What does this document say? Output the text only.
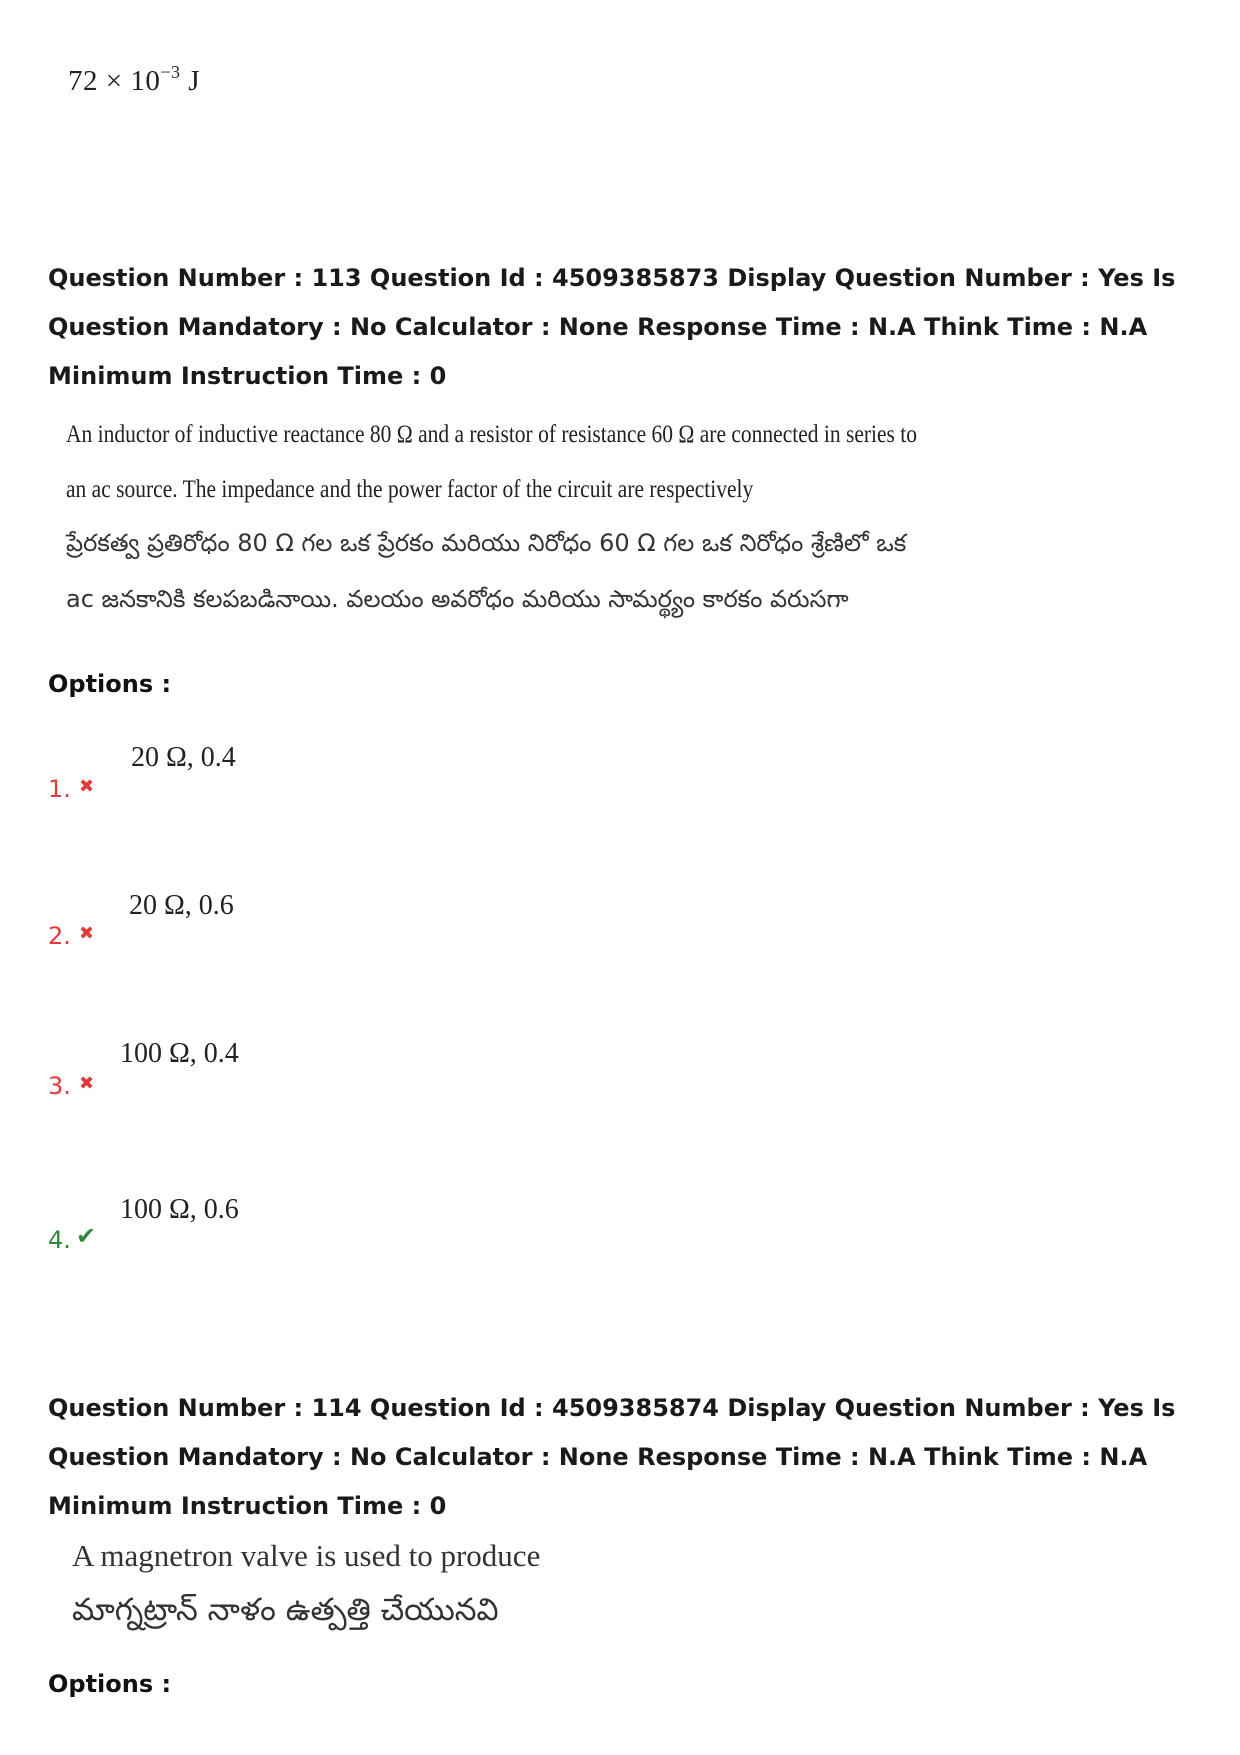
$72 \times 10^{-3}$ J
Question Number : 113 Question Id : 4509385873 Display Question Number : Yes Is Question Mandatory : No Calculator : None Response Time : N.A Think Time : N.A Minimum Instruction Time : 0
An inductor of inductive reactance 80 Ω and a resistor of resistance 60 Ω are connected in series to
an ac source. The impedance and the power factor of the circuit are respectively
ప్రేరకత్వ ప్రతిరోధం 80 Ω గల ఒక ప్రేరకం మరియు నిరోధం 60 Ω గల ఒక నిరోధం శ్రేణిలో ఒక
ac జనకానికి కలపబడినాయి. వలయం అవరోధం మరియు సామర్థ్యం కారకం వరుసగా
Options :
20 Ω, 0.4
1. ✖
20 Ω, 0.6
2. ✖
100 Ω, 0.4
3. ✖
100 Ω, 0.6
4. ✔
Question Number : 114 Question Id : 4509385874 Display Question Number : Yes Is Question Mandatory : No Calculator : None Response Time : N.A Think Time : N.A Minimum Instruction Time : 0
A magnetron valve is used to produce
మాగ్నట్రాన్ నాళం ఉత్పత్తి చేయునవి
Options :
